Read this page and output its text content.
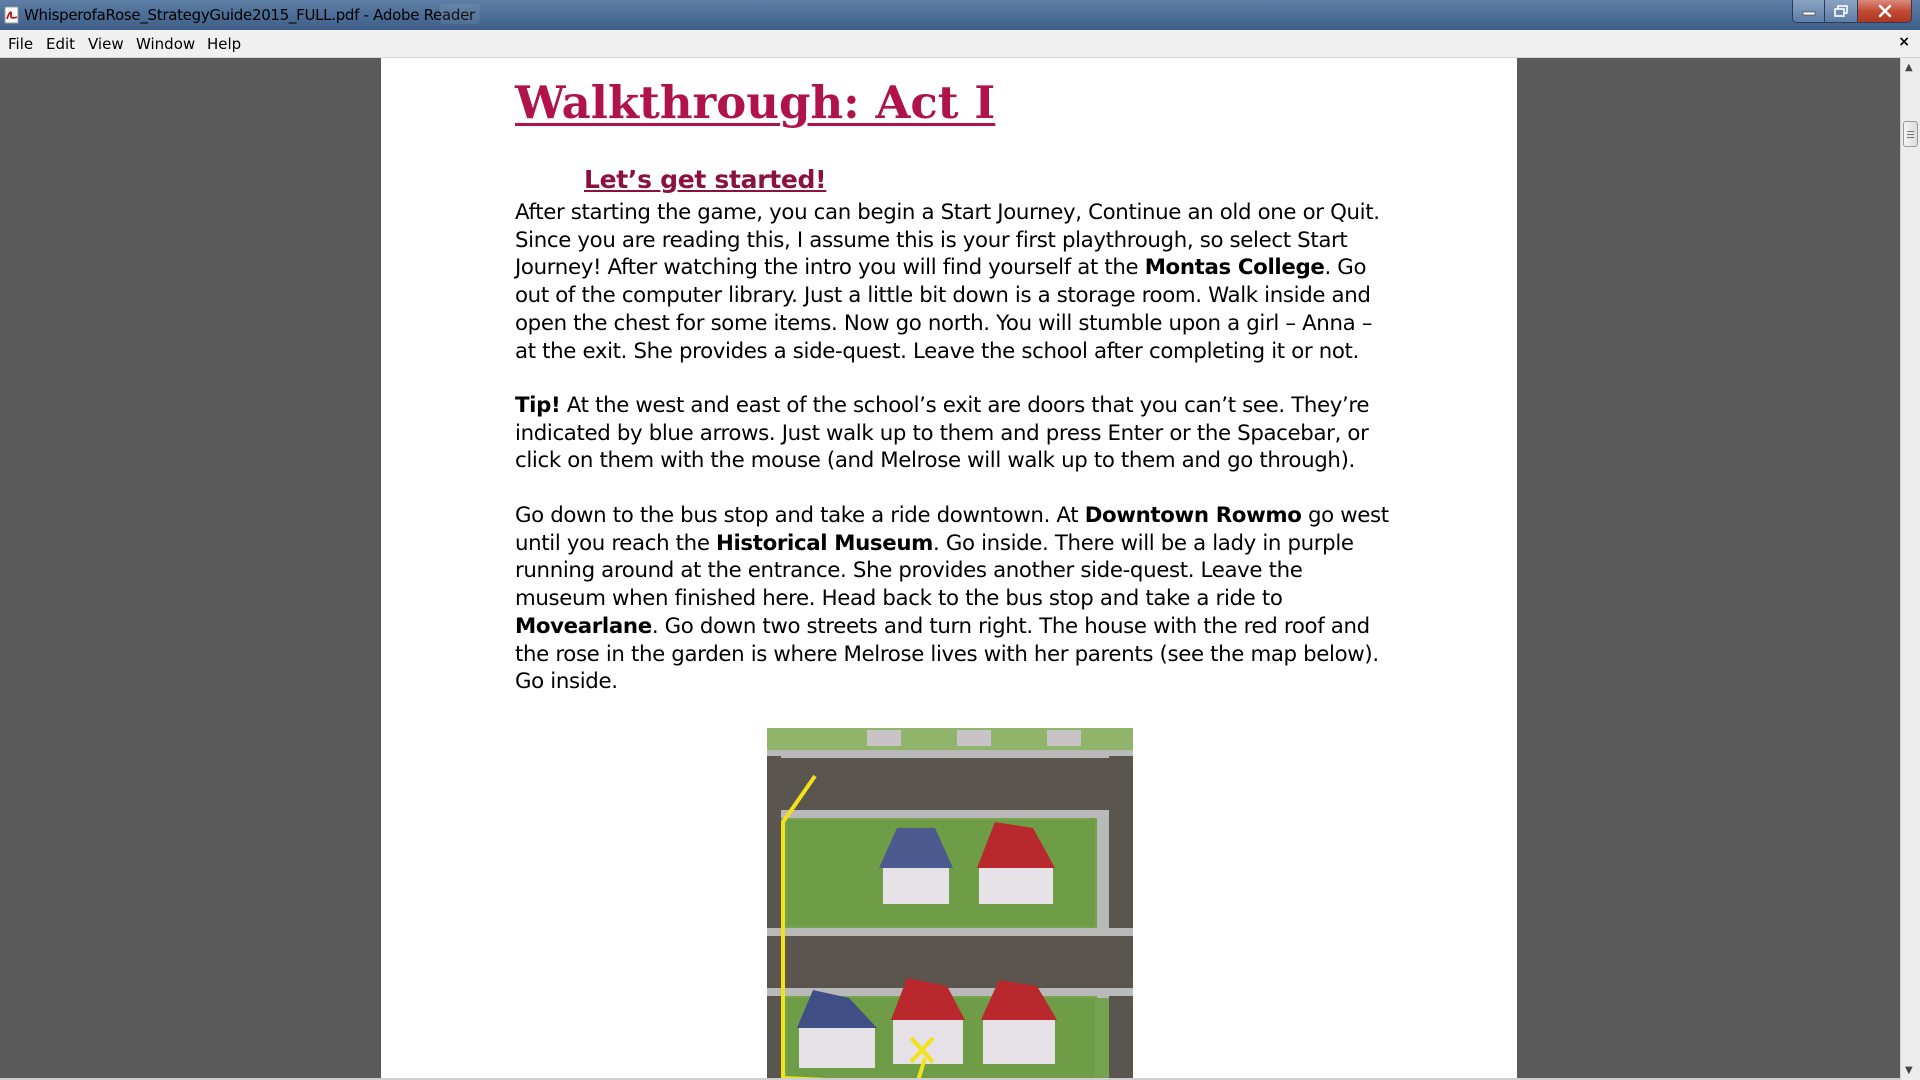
WhisperofaRose_StrategyGuide2015_FULL.pdf - Adobe Reader
File Edit View Window Help	×
Walkthrough: Act I
Let’s get started!
After starting the game, you can begin a Start Journey, Continue an old one or Quit. Since you are reading this, I assume this is your first playthrough, so select Start Journey! After watching the intro you will find yourself at the Montas College. Go out of the computer library. Just a little bit down is a storage room. Walk inside and open the chest for some items. Now go north. You will stumble upon a girl – Anna – at the exit. She provides a side-quest. Leave the school after completing it or not.
Tip! At the west and east of the school’s exit are doors that you can’t see. They’re indicated by blue arrows. Just walk up to them and press Enter or the Spacebar, or click on them with the mouse (and Melrose will walk up to them and go through).
Go down to the bus stop and take a ride downtown. At Downtown Rowmo go west until you reach the Historical Museum. Go inside. There will be a lady in purple running around at the entrance. She provides another side-quest. Leave the museum when finished here. Head back to the bus stop and take a ride to Movearlane. Go down two streets and turn right. The house with the red roof and the rose in the garden is where Melrose lives with her parents (see the map below). Go inside.
▲
▼
